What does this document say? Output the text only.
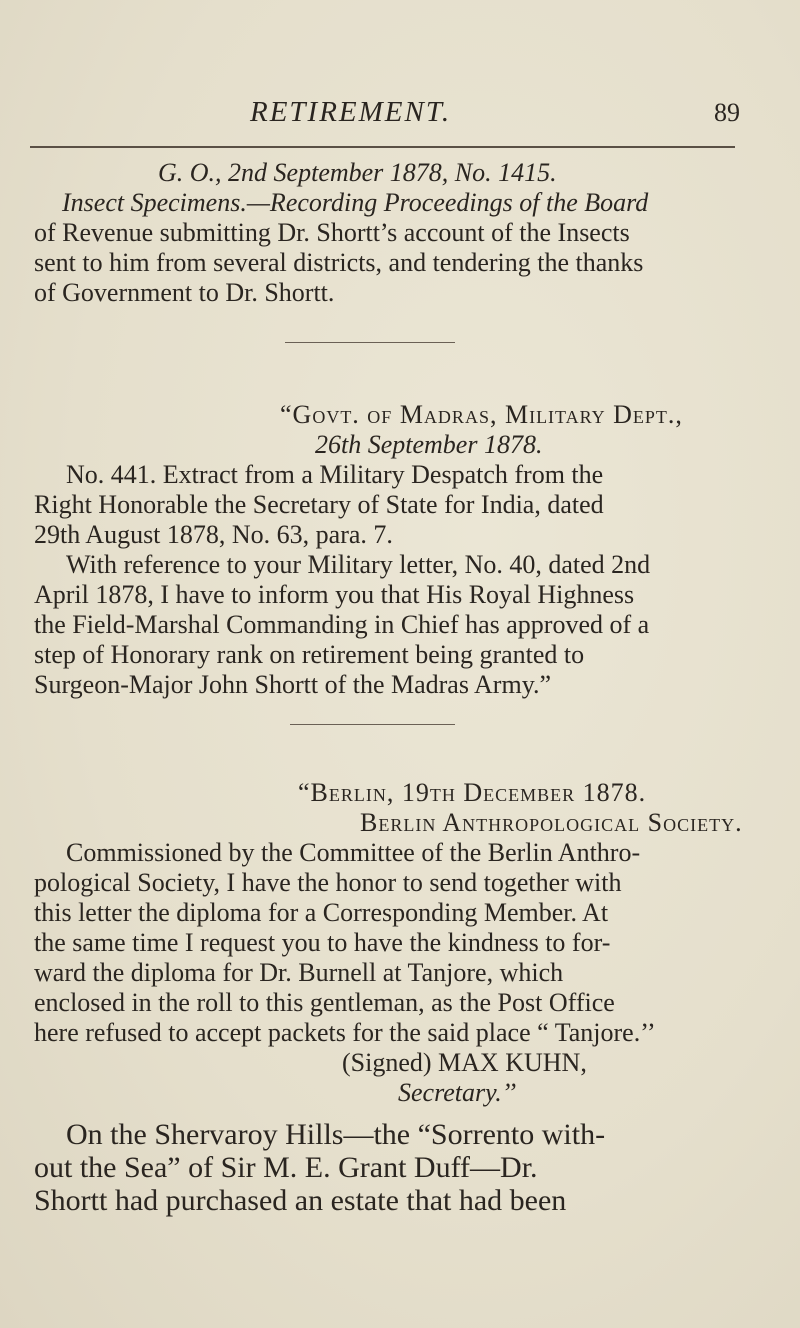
RETIREMENT.	89
G. O., 2nd September 1878, No. 1415.
Insect Specimens.—Recording Proceedings of the Board
of Revenue submitting Dr. Shortt’s account of the Insects
sent to him from several districts, and tendering the thanks
of Government to Dr. Shortt.
“Govt. of Madras, Military Dept.,
26th September 1878.
No. 441. Extract from a Military Despatch from the
Right Honorable the Secretary of State for India, dated
29th August 1878, No. 63, para. 7.
With reference to your Military letter, No. 40, dated 2nd
April 1878, I have to inform you that His Royal Highness
the Field-Marshal Commanding in Chief has approved of a
step of Honorary rank on retirement being granted to
Surgeon-Major John Shortt of the Madras Army.”
“Berlin, 19th December 1878.
Berlin Anthropological Society.
Commissioned by the Committee of the Berlin Anthro-
pological Society, I have the honor to send together with
this letter the diploma for a Corresponding Member. At
the same time I request you to have the kindness to for-
ward the diploma for Dr. Burnell at Tanjore, which
enclosed in the roll to this gentleman, as the Post Office
here refused to accept packets for the said place “ Tanjore.’’
(Signed) MAX KUHN,
Secretary.’’
On the Shervaroy Hills—the “Sorrento with-
out the Sea” of Sir M. E. Grant Duff—Dr.
Shortt had purchased an estate that had been
